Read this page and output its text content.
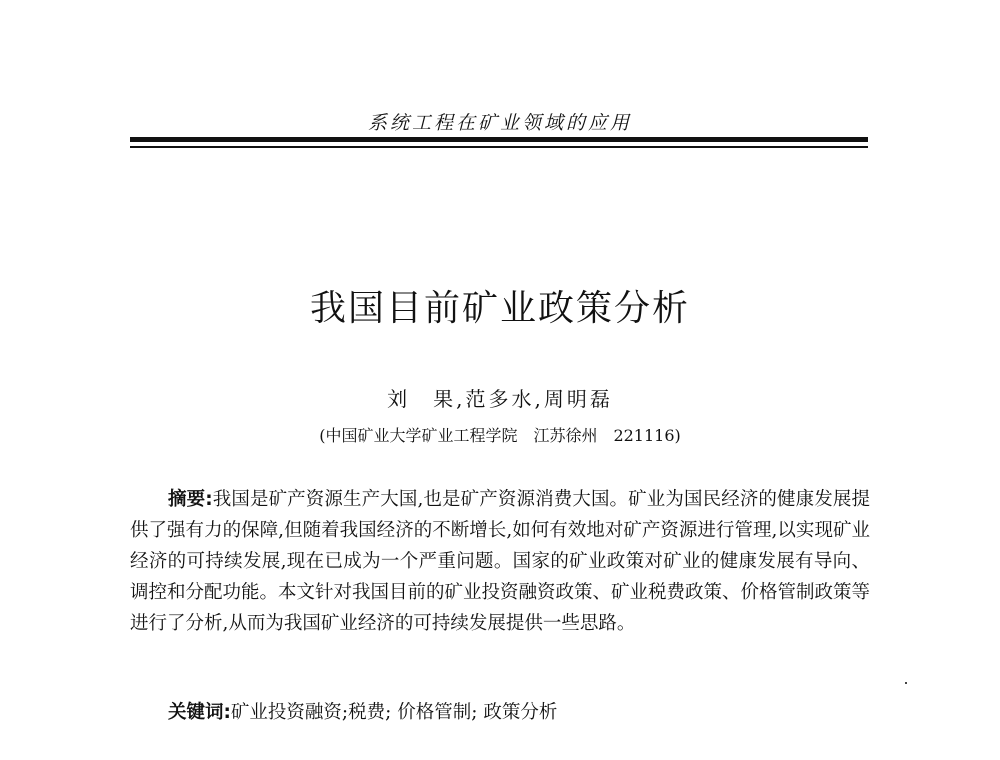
系统工程在矿业领域的应用
我国目前矿业政策分析
刘　果,范多水,周明磊
(中国矿业大学矿业工程学院　江苏徐州　221116)

摘要:我国是矿产资源生产大国,也是矿产资源消费大国。矿业为国民经济的健康发展提供了强有力的保障,但随着我国经济的不断增长,如何有效地对矿产资源进行管理,以实现矿业经济的可持续发展,现在已成为一个严重问题。国家的矿业政策对矿业的健康发展有导向、调控和分配功能。本文针对我国目前的矿业投资融资政策、矿业税费政策、价格管制政策等进行了分析,从而为我国矿业经济的可持续发展提供一些思路。

关键词:矿业投资融资;税费; 价格管制; 政策分析
